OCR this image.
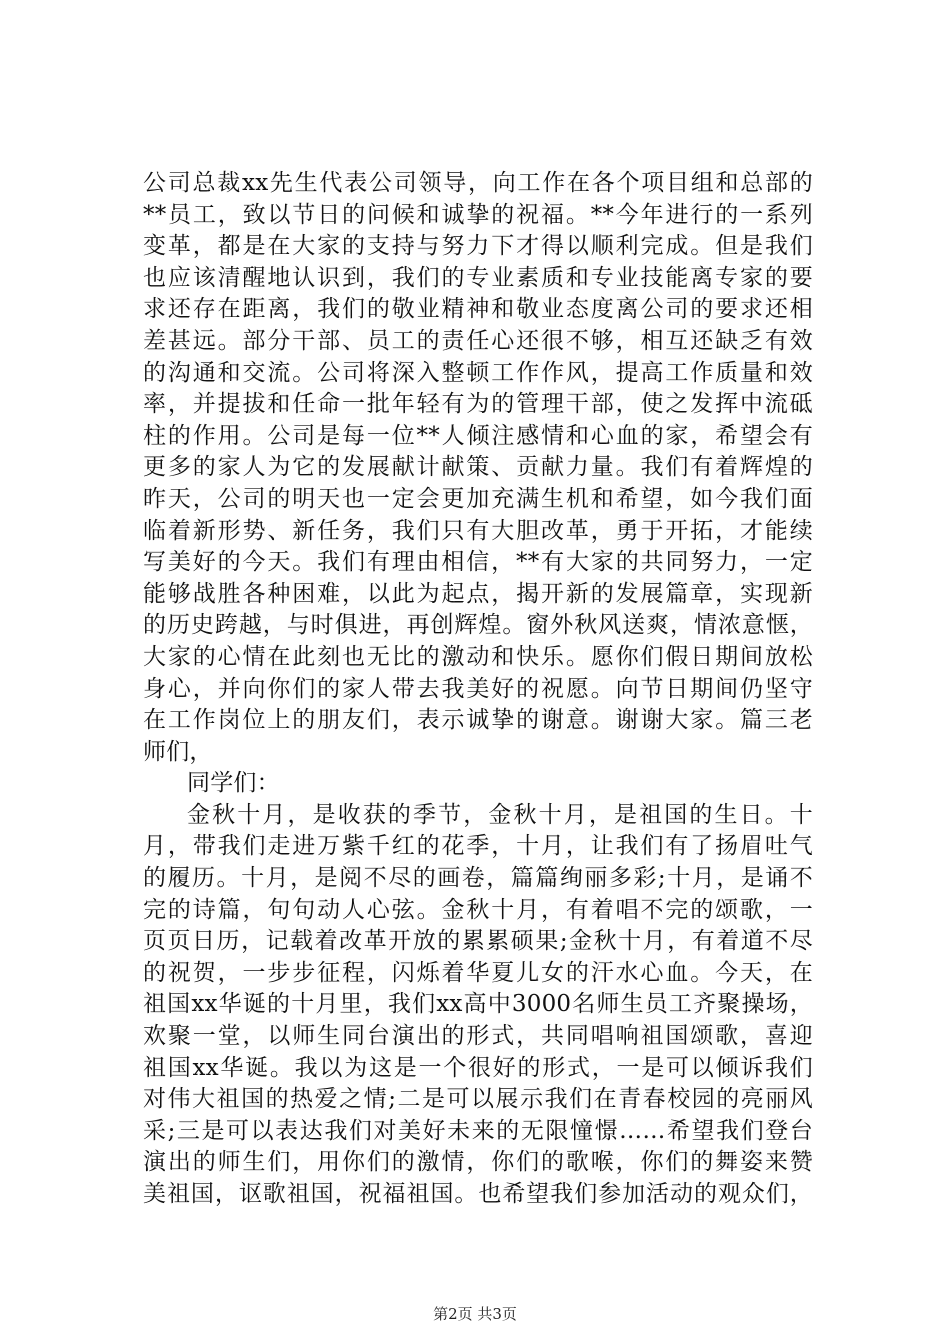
公司总裁xx先生代表公司领导，向工作在各个项目组和总部的
**员工，致以节日的问候和诚挚的祝福。**今年进行的一系列
变革，都是在大家的支持与努力下才得以顺利完成。但是我们
也应该清醒地认识到，我们的专业素质和专业技能离专家的要
求还存在距离，我们的敬业精神和敬业态度离公司的要求还相
差甚远。部分干部、员工的责任心还很不够，相互还缺乏有效
的沟通和交流。公司将深入整顿工作作风，提高工作质量和效
率，并提拔和任命一批年轻有为的管理干部，使之发挥中流砥
柱的作用。公司是每一位**人倾注感情和心血的家，希望会有
更多的家人为它的发展献计献策、贡献力量。我们有着辉煌的
昨天，公司的明天也一定会更加充满生机和希望，如今我们面
临着新形势、新任务，我们只有大胆改革，勇于开拓，才能续
写美好的今天。我们有理由相信，**有大家的共同努力，一定
能够战胜各种困难，以此为起点，揭开新的发展篇章，实现新
的历史跨越，与时俱进，再创辉煌。窗外秋风送爽，情浓意惬，
大家的心情在此刻也无比的激动和快乐。愿你们假日期间放松
身心，并向你们的家人带去我美好的祝愿。向节日期间仍坚守
在工作岗位上的朋友们，表示诚挚的谢意。谢谢大家。篇三老
师们，
同学们：
金秋十月，是收获的季节，金秋十月，是祖国的生日。十
月，带我们走进万紫千红的花季，十月，让我们有了扬眉吐气
的履历。十月，是阅不尽的画卷，篇篇绚丽多彩;十月，是诵不
完的诗篇，句句动人心弦。金秋十月，有着唱不完的颂歌，一
页页日历，记载着改革开放的累累硕果;金秋十月，有着道不尽
的祝贺，一步步征程，闪烁着华夏儿女的汗水心血。今天，在
祖国xx华诞的十月里，我们xx高中3000名师生员工齐聚操场，
欢聚一堂，以师生同台演出的形式，共同唱响祖国颂歌，喜迎
祖国xx华诞。我以为这是一个很好的形式，一是可以倾诉我们
对伟大祖国的热爱之情;二是可以展示我们在青春校园的亮丽风
采;三是可以表达我们对美好未来的无限憧憬……希望我们登台
演出的师生们，用你们的激情，你们的歌喉，你们的舞姿来赞
美祖国，讴歌祖国，祝福祖国。也希望我们参加活动的观众们，
第2页 共3页
